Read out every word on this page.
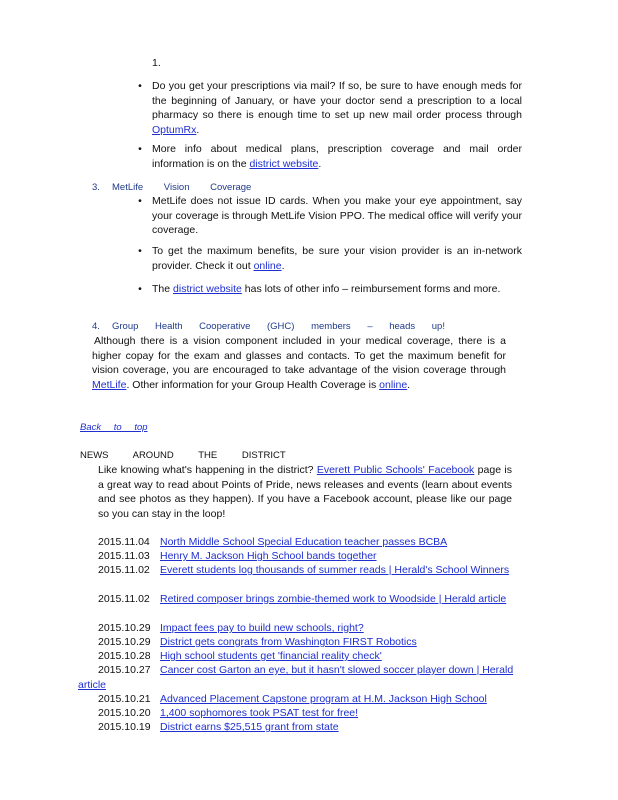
1.
• Do you get your prescriptions via mail? If so, be sure to have enough meds for the beginning of January, or have your doctor send a prescription to a local pharmacy so there is enough time to set up new mail order process through OptumRx.
• More info about medical plans, prescription coverage and mail order information is on the district website.
3. MetLife Vision Coverage
• MetLife does not issue ID cards. When you make your eye appointment, say your coverage is through MetLife Vision PPO. The medical office will verify your coverage.
• To get the maximum benefits, be sure your vision provider is an in-network provider. Check it out online.
• The district website has lots of other info – reimbursement forms and more.
4. Group Health Cooperative (GHC) members – heads up!
Although there is a vision component included in your medical coverage, there is a higher copay for the exam and glasses and contacts. To get the maximum benefit for vision coverage, you are encouraged to take advantage of the vision coverage through MetLife. Other information for your Group Health Coverage is online.
Back to top
NEWS AROUND THE DISTRICT
Like knowing what's happening in the district? Everett Public Schools' Facebook page is a great way to read about Points of Pride, news releases and events (learn about events and see photos as they happen). If you have a Facebook account, please like our page so you can stay in the loop!
2015.11.04 North Middle School Special Education teacher passes BCBA
2015.11.03 Henry M. Jackson High School bands together
2015.11.02 Everett students log thousands of summer reads | Herald's School Winners
2015.11.02 Retired composer brings zombie-themed work to Woodside | Herald article
2015.10.29 Impact fees pay to build new schools, right?
2015.10.29 District gets congrats from Washington FIRST Robotics
2015.10.28 High school students get 'financial reality check'
2015.10.27 Cancer cost Garton an eye, but it hasn't slowed soccer player down | Herald article
2015.10.21 Advanced Placement Capstone program at H.M. Jackson High School
2015.10.20 1,400 sophomores took PSAT test for free!
2015.10.19 District earns $25,515 grant from state
